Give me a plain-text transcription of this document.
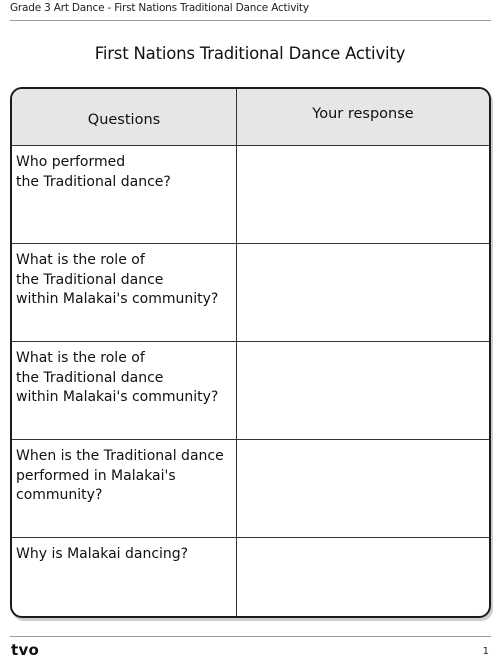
Grade 3 Art Dance - First Nations Traditional Dance Activity
First Nations Traditional Dance Activity
Questions	Your response

Who performed
the Traditional dance?	
What is the role of
the Traditional dance
within Malakai's community?	
What is the role of
the Traditional dance
within Malakai's community?	
When is the Traditional dance
performed in Malakai's
community?	
Why is Malakai dancing?	
tvo	1
